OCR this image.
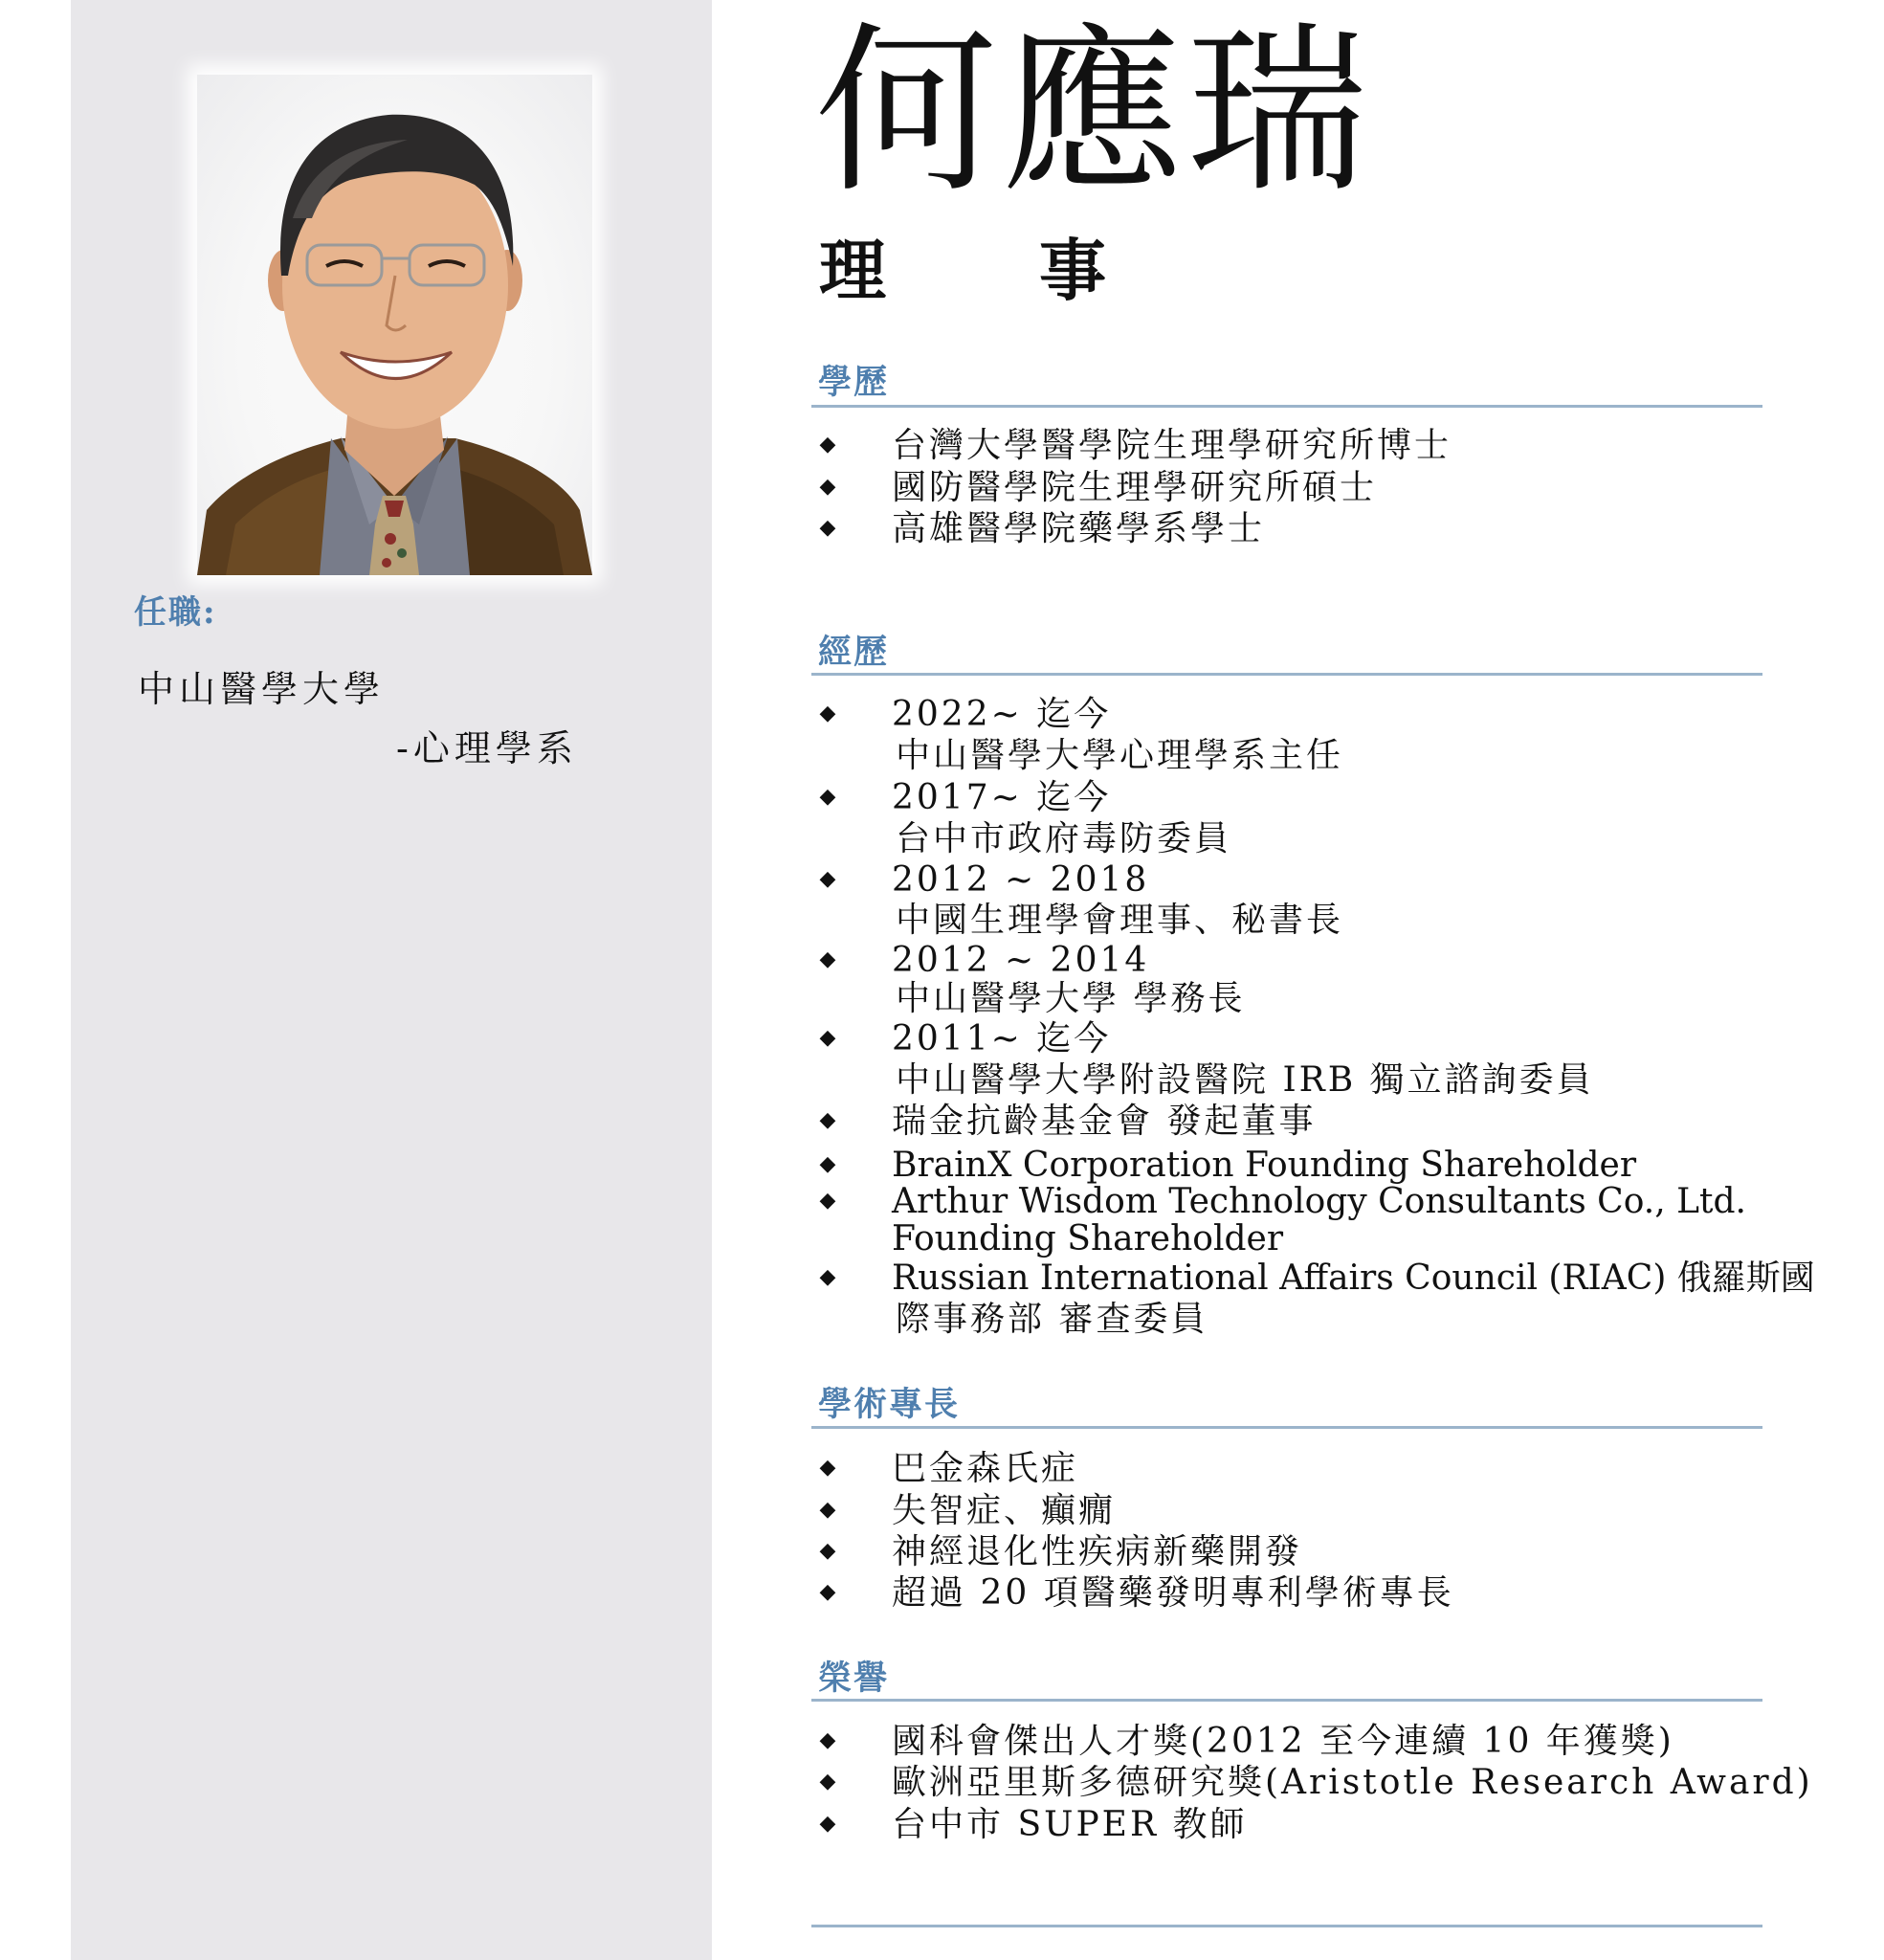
任職:
中山醫學大學
-心理學系
何應瑞
理事
學歷
◆ 台灣大學醫學院生理學研究所博士
◆ 國防醫學院生理學研究所碩士
◆ 高雄醫學院藥學系學士
經歷
◆ 2022~ 迄今
中山醫學大學心理學系主任
◆ 2017~ 迄今
台中市政府毒防委員
◆ 2012 ~ 2018
中國生理學會理事、秘書長
◆ 2012 ~ 2014
中山醫學大學 學務長
◆ 2011~ 迄今
中山醫學大學附設醫院 IRB 獨立諮詢委員
◆ 瑞金抗齡基金會 發起董事
◆ BrainX Corporation Founding Shareholder
◆ Arthur Wisdom Technology Consultants Co., Ltd.
Founding Shareholder
◆ Russian International Affairs Council (RIAC) 俄羅斯國
際事務部 審查委員
學術專長
◆ 巴金森氏症
◆ 失智症、癲癇
◆ 神經退化性疾病新藥開發
◆ 超過 20 項醫藥發明專利學術專長
榮譽
◆ 國科會傑出人才獎(2012 至今連續 10 年獲獎)
◆ 歐洲亞里斯多德研究獎(Aristotle Research Award)
◆ 台中市 SUPER 教師
